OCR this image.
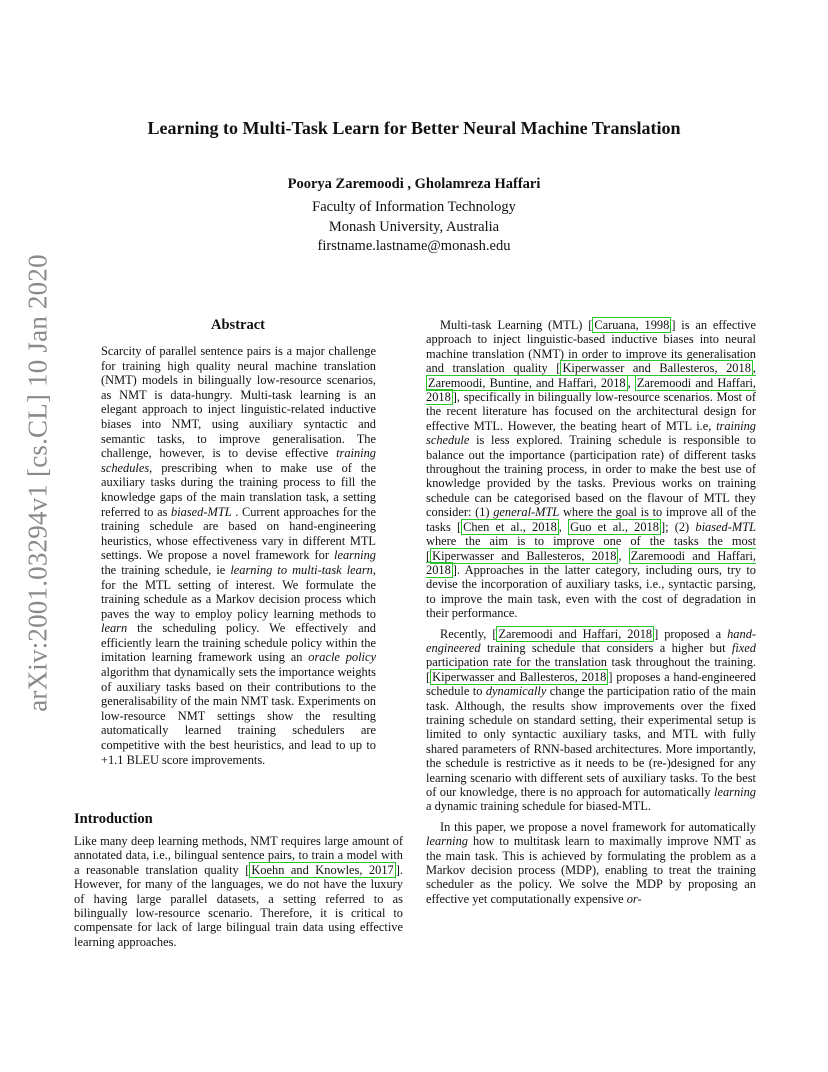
arXiv:2001.03294v1 [cs.CL] 10 Jan 2020
Learning to Multi-Task Learn for Better Neural Machine Translation
Poorya Zaremoodi , Gholamreza Haffari
Faculty of Information Technology
Monash University, Australia
firstname.lastname@monash.edu
Abstract
Scarcity of parallel sentence pairs is a major challenge for training high quality neural machine translation (NMT) models in bilingually low-resource scenarios, as NMT is data-hungry. Multi-task learning is an elegant approach to inject linguistic-related inductive biases into NMT, using auxiliary syntactic and semantic tasks, to improve generalisation. The challenge, however, is to devise effective training schedules, prescribing when to make use of the auxiliary tasks during the training process to fill the knowledge gaps of the main translation task, a setting referred to as biased-MTL . Current approaches for the training schedule are based on hand-engineering heuristics, whose effectiveness vary in different MTL settings. We propose a novel framework for learning the training schedule, ie learning to multi-task learn, for the MTL setting of interest. We formulate the training schedule as a Markov decision process which paves the way to employ policy learning methods to learn the scheduling policy. We effectively and efficiently learn the training schedule policy within the imitation learning framework using an oracle policy algorithm that dynamically sets the importance weights of auxiliary tasks based on their contributions to the generalisability of the main NMT task. Experiments on low-resource NMT settings show the resulting automatically learned training schedulers are competitive with the best heuristics, and lead to up to +1.1 BLEU score improvements.
Introduction
Like many deep learning methods, NMT requires large amount of annotated data, i.e., bilingual sentence pairs, to train a model with a reasonable translation quality [ Koehn and Knowles, 2017 ]. However, for many of the languages, we do not have the luxury of having large parallel datasets, a setting referred to as bilingually low-resource scenario. Therefore, it is critical to compensate for lack of large bilingual train data using effective learning approaches.

Multi-task Learning (MTL) [ Caruana, 1998 ] is an effective approach to inject linguistic-based inductive biases into neural machine translation (NMT) in order to improve its generalisation and translation quality [ Kiperwasser and Ballesteros, 2018 , Zaremoodi, Buntine, and Haffari, 2018 , Zaremoodi and Haffari, 2018 ], specifically in bilingually low-resource scenarios. Most of the recent literature has focused on the architectural design for effective MTL. However, the beating heart of MTL i.e, training schedule is less explored. Training schedule is responsible to balance out the importance (participation rate) of different tasks throughout the training process, in order to make the best use of knowledge provided by the tasks. Previous works on training schedule can be categorised based on the flavour of MTL they consider: (1) general-MTL where the goal is to improve all of the tasks [ Chen et al., 2018 , Guo et al., 2018 ]; (2) biased-MTL where the aim is to improve one of the tasks the most [ Kiperwasser and Ballesteros, 2018 , Zaremoodi and Haffari, 2018 ]. Approaches in the latter category, including ours, try to devise the incorporation of auxiliary tasks, i.e., syntactic parsing, to improve the main task, even with the cost of degradation in their performance.

Recently, [ Zaremoodi and Haffari, 2018 ] proposed a hand-engineered training schedule that considers a higher but fixed participation rate for the translation task throughout the training. [ Kiperwasser and Ballesteros, 2018 ] proposes a hand-engineered schedule to dynamically change the participation ratio of the main task. Although, the results show improvements over the fixed training schedule on standard setting, their experimental setup is limited to only syntactic auxiliary tasks, and MTL with fully shared parameters of RNN-based architectures. More importantly, the schedule is restrictive as it needs to be (re-)designed for any learning scenario with different sets of auxiliary tasks. To the best of our knowledge, there is no approach for automatically learning a dynamic training schedule for biased-MTL.

In this paper, we propose a novel framework for automatically learning how to multitask learn to maximally improve NMT as the main task. This is achieved by formulating the problem as a Markov decision process (MDP), enabling to treat the training scheduler as the policy. We solve the MDP by proposing an effective yet computationally expensive or-
